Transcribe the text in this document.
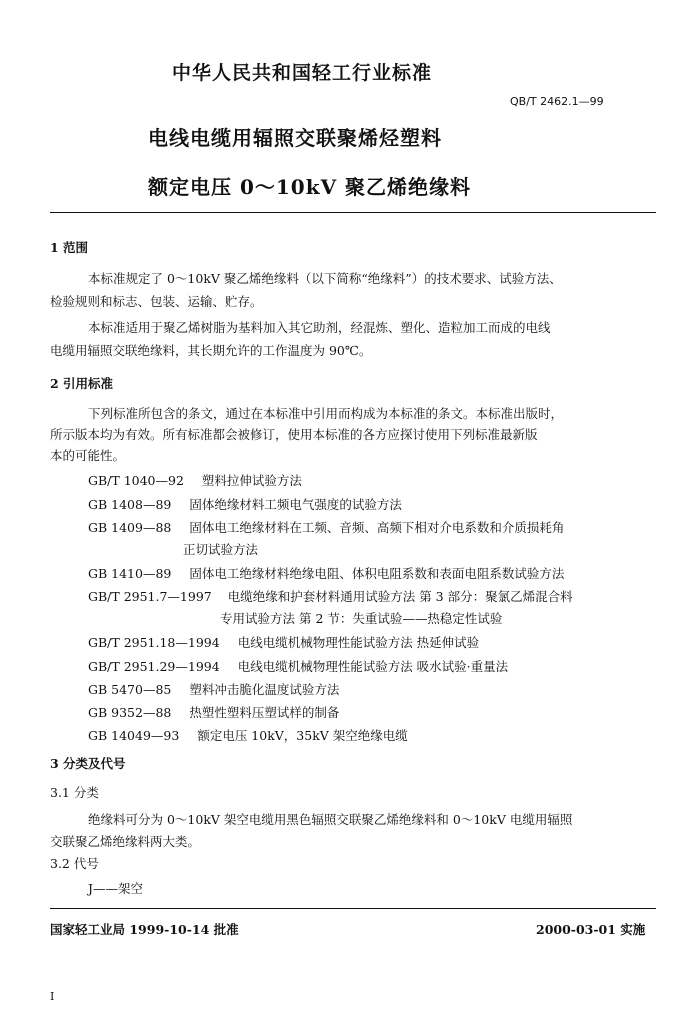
中华人民共和国轻工行业标准
QB/T 2462.1—99
电线电缆用辐照交联聚烯烃塑料
额定电压 0～10kV 聚乙烯绝缘料
1 范围
本标准规定了 0～10kV 聚乙烯绝缘料（以下简称“绝缘料”）的技术要求、试验方法、
检验规则和标志、包装、运输、贮存。
本标准适用于聚乙烯树脂为基料加入其它助剂，经混炼、塑化、造粒加工而成的电线
电缆用辐照交联绝缘料，其长期允许的工作温度为 90℃。
2 引用标准
下列标准所包含的条文，通过在本标准中引用而构成为本标准的条文。本标准出版时，
所示版本均为有效。所有标准都会被修订，使用本标准的各方应探讨使用下列标准最新版
本的可能性。
GB/T 1040—92 塑料拉伸试验方法
GB 1408—89 固体绝缘材料工频电气强度的试验方法
GB 1409—88 固体电工绝缘材料在工频、音频、高频下相对介电系数和介质损耗角
正切试验方法
GB 1410—89 固体电工绝缘材料绝缘电阻、体积电阻系数和表面电阻系数试验方法
GB/T 2951.7—1997 电缆绝缘和护套材料通用试验方法 第 3 部分：聚氯乙烯混合料
专用试验方法 第 2 节：失重试验——热稳定性试验
GB/T 2951.18—1994 电线电缆机械物理性能试验方法 热延伸试验
GB/T 2951.29—1994 电线电缆机械物理性能试验方法 吸水试验·重量法
GB 5470—85 塑料冲击脆化温度试验方法
GB 9352—88 热塑性塑料压塑试样的制备
GB 14049—93 额定电压 10kV，35kV 架空绝缘电缆
3 分类及代号
3.1 分类
绝缘料可分为 0～10kV 架空电缆用黑色辐照交联聚乙烯绝缘料和 0～10kV 电缆用辐照
交联聚乙烯绝缘料两大类。
3.2 代号
J——架空
国家轻工业局 1999-10-14 批准	2000-03-01 实施
I
